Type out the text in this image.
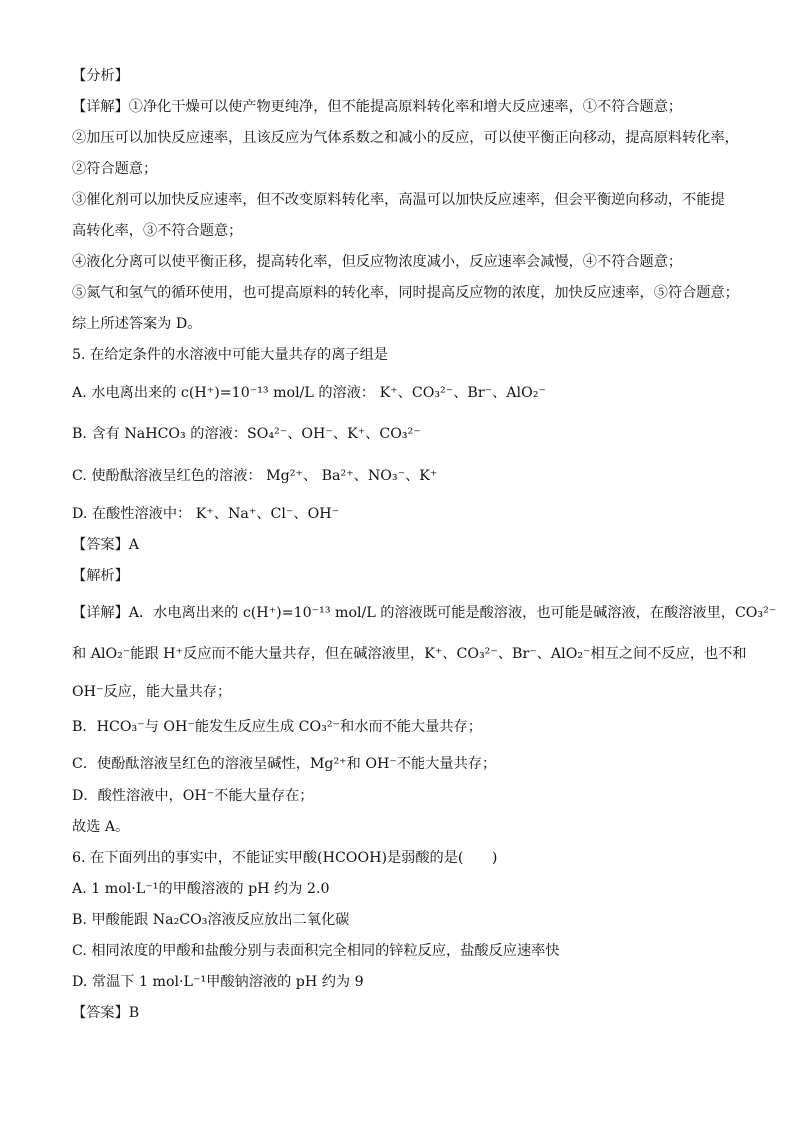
【分析】
【详解】①净化干燥可以使产物更纯净，但不能提高原料转化率和增大反应速率，①不符合题意；
②加压可以加快反应速率，且该反应为气体系数之和减小的反应，可以使平衡正向移动，提高原料转化率，
②符合题意；
③催化剂可以加快反应速率，但不改变原料转化率，高温可以加快反应速率，但会平衡逆向移动，不能提
高转化率，③不符合题意；
④液化分离可以使平衡正移，提高转化率，但反应物浓度减小，反应速率会减慢，④不符合题意；
⑤氮气和氢气的循环使用，也可提高原料的转化率，同时提高反应物的浓度，加快反应速率，⑤符合题意；
综上所述答案为 D。
5. 在给定条件的水溶液中可能大量共存的离子组是
A. 水电离出来的 c(H⁺)=10⁻¹³ mol/L 的溶液： K⁺、CO₃²⁻、Br⁻、AlO₂⁻
B. 含有 NaHCO₃ 的溶液：SO₄²⁻、OH⁻、K⁺、CO₃²⁻
C. 使酚酞溶液呈红色的溶液： Mg²⁺、 Ba²⁺、NO₃⁻、K⁺
D. 在酸性溶液中： K⁺、Na⁺、Cl⁻、OH⁻
【答案】A
【解析】
【详解】A．水电离出来的 c(H⁺)=10⁻¹³ mol/L 的溶液既可能是酸溶液，也可能是碱溶液，在酸溶液里，CO₃²⁻
和 AlO₂⁻能跟 H⁺反应而不能大量共存，但在碱溶液里，K⁺、CO₃²⁻、Br⁻、AlO₂⁻相互之间不反应，也不和
OH⁻反应，能大量共存；
B．HCO₃⁻与 OH⁻能发生反应生成 CO₃²⁻和水而不能大量共存；
C．使酚酞溶液呈红色的溶液呈碱性，Mg²⁺和 OH⁻不能大量共存；
D．酸性溶液中，OH⁻不能大量存在；
故选 A。
6. 在下面列出的事实中，不能证实甲酸(HCOOH)是弱酸的是(　　)
A. 1 mol·L⁻¹的甲酸溶液的 pH 约为 2.0
B. 甲酸能跟 Na₂CO₃溶液反应放出二氧化碳
C. 相同浓度的甲酸和盐酸分别与表面积完全相同的锌粒反应，盐酸反应速率快
D. 常温下 1 mol·L⁻¹甲酸钠溶液的 pH 约为 9
【答案】B
